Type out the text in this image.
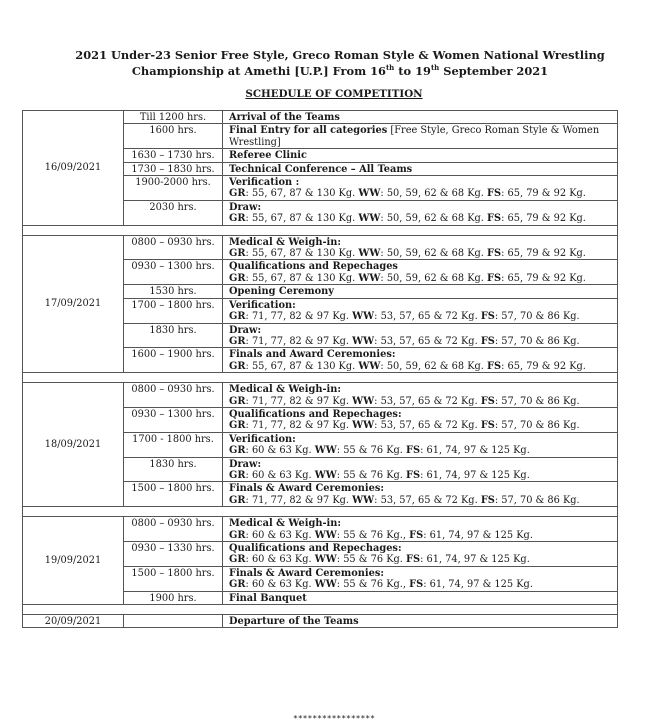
2021 Under-23 Senior Free Style, Greco Roman Style & Women National Wrestling
Championship at Amethi [U.P.] From 16th to 19th September 2021
SCHEDULE OF COMPETITION
16/09/2021	Till 1200 hrs.	Arrival of the Teams

	1600 hrs.	Final Entry for all categories [Free Style, Greco Roman Style & Women Wrestling]

	1630 – 1730 hrs.	Referee Clinic

	1730 – 1830 hrs.	Technical Conference – All Teams

	1900-2000 hrs.	Verification :
GR: 55, 67, 87 & 130 Kg. WW: 50, 59, 62 & 68 Kg. FS: 65, 79 & 92 Kg.

	2030 hrs.	Draw:
GR: 55, 67, 87 & 130 Kg. WW: 50, 59, 62 & 68 Kg. FS: 65, 79 & 92 Kg.

17/09/2021	0800 – 0930 hrs.	Medical & Weigh-in:
GR: 55, 67, 87 & 130 Kg. WW: 50, 59, 62 & 68 Kg. FS: 65, 79 & 92 Kg.

	0930 – 1300 hrs.	Qualifications and Repechages
GR: 55, 67, 87 & 130 Kg. WW: 50, 59, 62 & 68 Kg. FS: 65, 79 & 92 Kg.

	1530 hrs.	Opening Ceremony

	1700 – 1800 hrs.	Verification:
GR: 71, 77, 82 & 97 Kg. WW: 53, 57, 65 & 72 Kg. FS: 57, 70 & 86 Kg.

	1830 hrs.	Draw:
GR: 71, 77, 82 & 97 Kg. WW: 53, 57, 65 & 72 Kg. FS: 57, 70 & 86 Kg.

	1600 – 1900 hrs.	Finals and Award Ceremonies:
GR: 55, 67, 87 & 130 Kg. WW: 50, 59, 62 & 68 Kg. FS: 65, 79 & 92 Kg.

18/09/2021	0800 – 0930 hrs.	Medical & Weigh-in:
GR: 71, 77, 82 & 97 Kg. WW: 53, 57, 65 & 72 Kg. FS: 57, 70 & 86 Kg.

	0930 – 1300 hrs.	Qualifications and Repechages:
GR: 71, 77, 82 & 97 Kg. WW: 53, 57, 65 & 72 Kg. FS: 57, 70 & 86 Kg.

	1700 - 1800 hrs.	Verification:
GR: 60 & 63 Kg. WW: 55 & 76 Kg. FS: 61, 74, 97 & 125 Kg.

	1830 hrs.	Draw:
GR: 60 & 63 Kg. WW: 55 & 76 Kg. FS: 61, 74, 97 & 125 Kg.

	1500 – 1800 hrs.	Finals & Award Ceremonies:
GR: 71, 77, 82 & 97 Kg. WW: 53, 57, 65 & 72 Kg. FS: 57, 70 & 86 Kg.

19/09/2021	0800 – 0930 hrs.	Medical & Weigh-in:
GR: 60 & 63 Kg. WW: 55 & 76 Kg., FS: 61, 74, 97 & 125 Kg.

	0930 – 1330 hrs.	Qualifications and Repechages:
GR: 60 & 63 Kg. WW: 55 & 76 Kg. FS: 61, 74, 97 & 125 Kg.

	1500 – 1800 hrs.	Finals & Award Ceremonies:
GR: 60 & 63 Kg. WW: 55 & 76 Kg., FS: 61, 74, 97 & 125 Kg.

	1900 hrs.	Final Banquet

20/09/2021		Departure of the Teams
*****************
